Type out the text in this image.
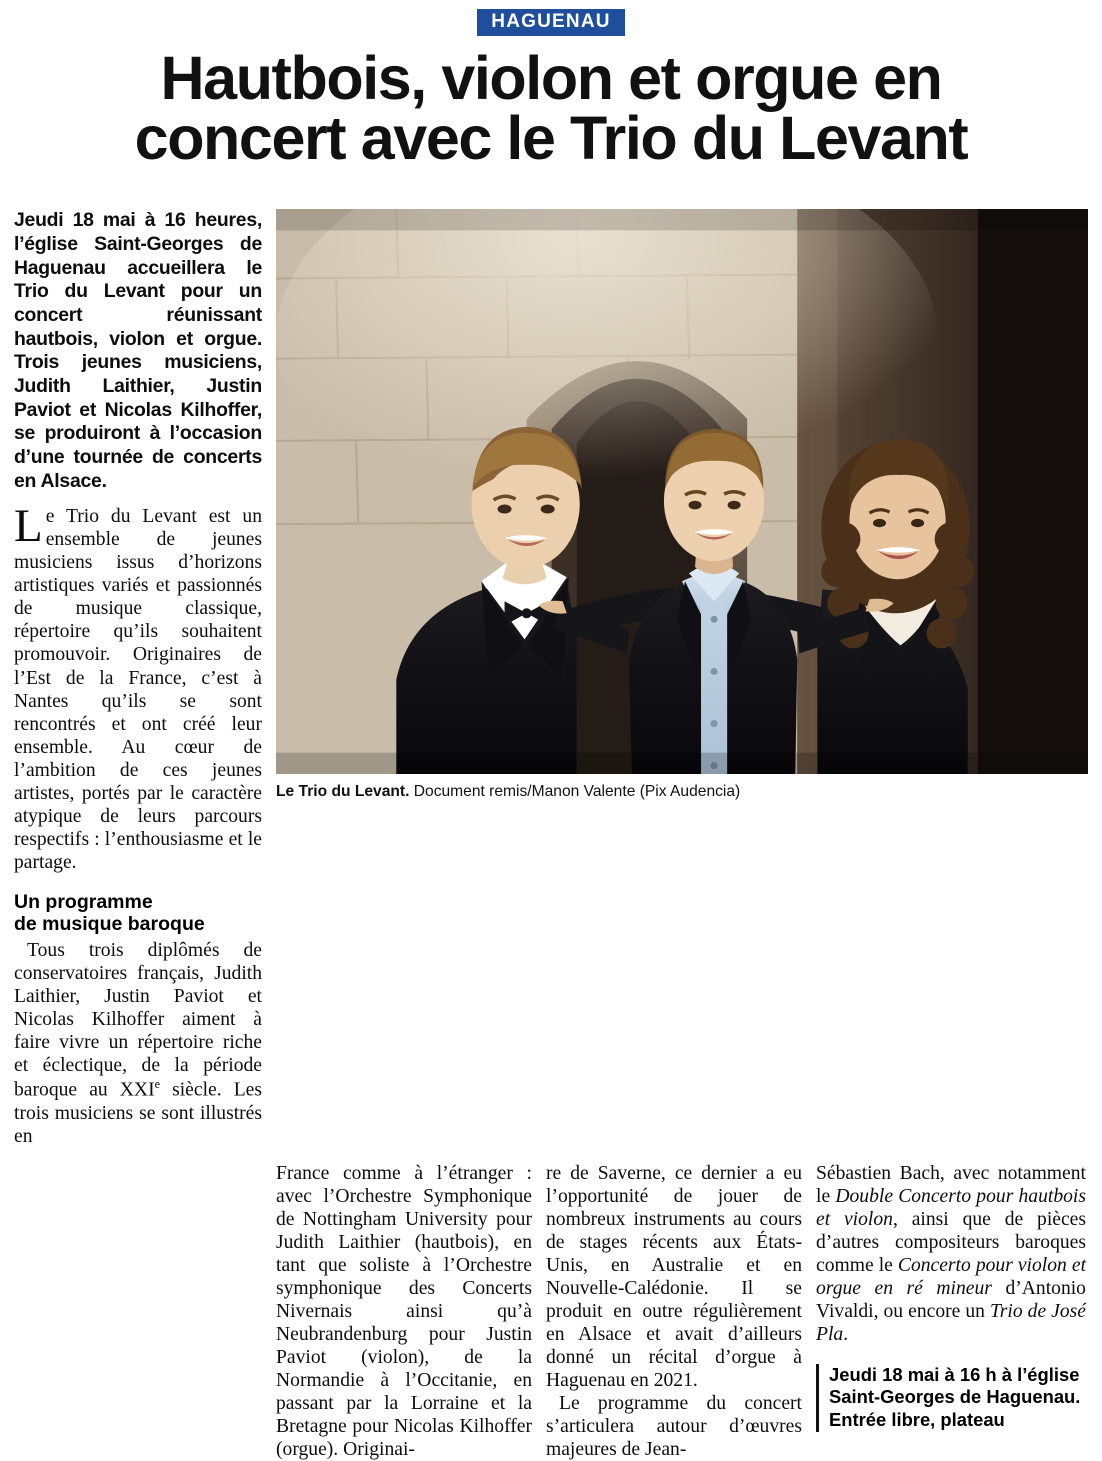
HAGUENAU
Hautbois, violon et orgue en
concert avec le Trio du Levant
Jeudi 18 mai à 16 heures, l’église Saint-Georges de Haguenau accueillera le Trio du Levant pour un concert réunissant hautbois, violon et orgue. Trois jeunes musiciens, Judith Laithier, Justin Paviot et Nicolas Kilhoffer, se produiront à l’occasion d’une tournée de concerts en Alsace.

Le Trio du Levant est un ensemble de jeunes musiciens issus d’horizons artistiques variés et passionnés de musique classique, répertoire qu’ils souhaitent promouvoir. Originaires de l’Est de la France, c’est à Nantes qu’ils se sont rencontrés et ont créé leur ensemble. Au cœur de l’ambition de ces jeunes artistes, portés par le caractère atypique de leurs parcours respectifs : l’enthousiasme et le partage.

Un programme
de musique baroque

Tous trois diplômés de conservatoires français, Judith Laithier, Justin Paviot et Nicolas Kilhoffer aiment à faire vivre un répertoire riche et éclectique, de la période baroque au XXIe siècle. Les trois musiciens se sont illustrés en

Le Trio du Levant. Document remis/Manon Valente (Pix Audencia)

France comme à l’étranger : avec l’Orchestre Symphonique de Nottingham University pour Judith Laithier (hautbois), en tant que soliste à l’Orchestre symphonique des Concerts Nivernais ainsi qu’à Neubrandenburg pour Justin Paviot (violon), de la Normandie à l’Occitanie, en passant par la Lorraine et la Bretagne pour Nicolas Kilhoffer (orgue). Originai-

re de Saverne, ce dernier a eu l’opportunité de jouer de nombreux instruments au cours de stages récents aux États-Unis, en Australie et en Nouvelle-Calédonie. Il se produit en outre régulièrement en Alsace et avait d’ailleurs donné un récital d’orgue à Haguenau en 2021.

Le programme du concert s’articulera autour d’œuvres majeures de Jean-

Sébastien Bach, avec notamment le Double Concerto pour hautbois et violon, ainsi que de pièces d’autres compositeurs baroques comme le Concerto pour violon et orgue en ré mineur d’Antonio Vivaldi, ou encore un Trio de José Pla.

Jeudi 18 mai à 16 h à l’église Saint-Georges de Haguenau. Entrée libre, plateau
